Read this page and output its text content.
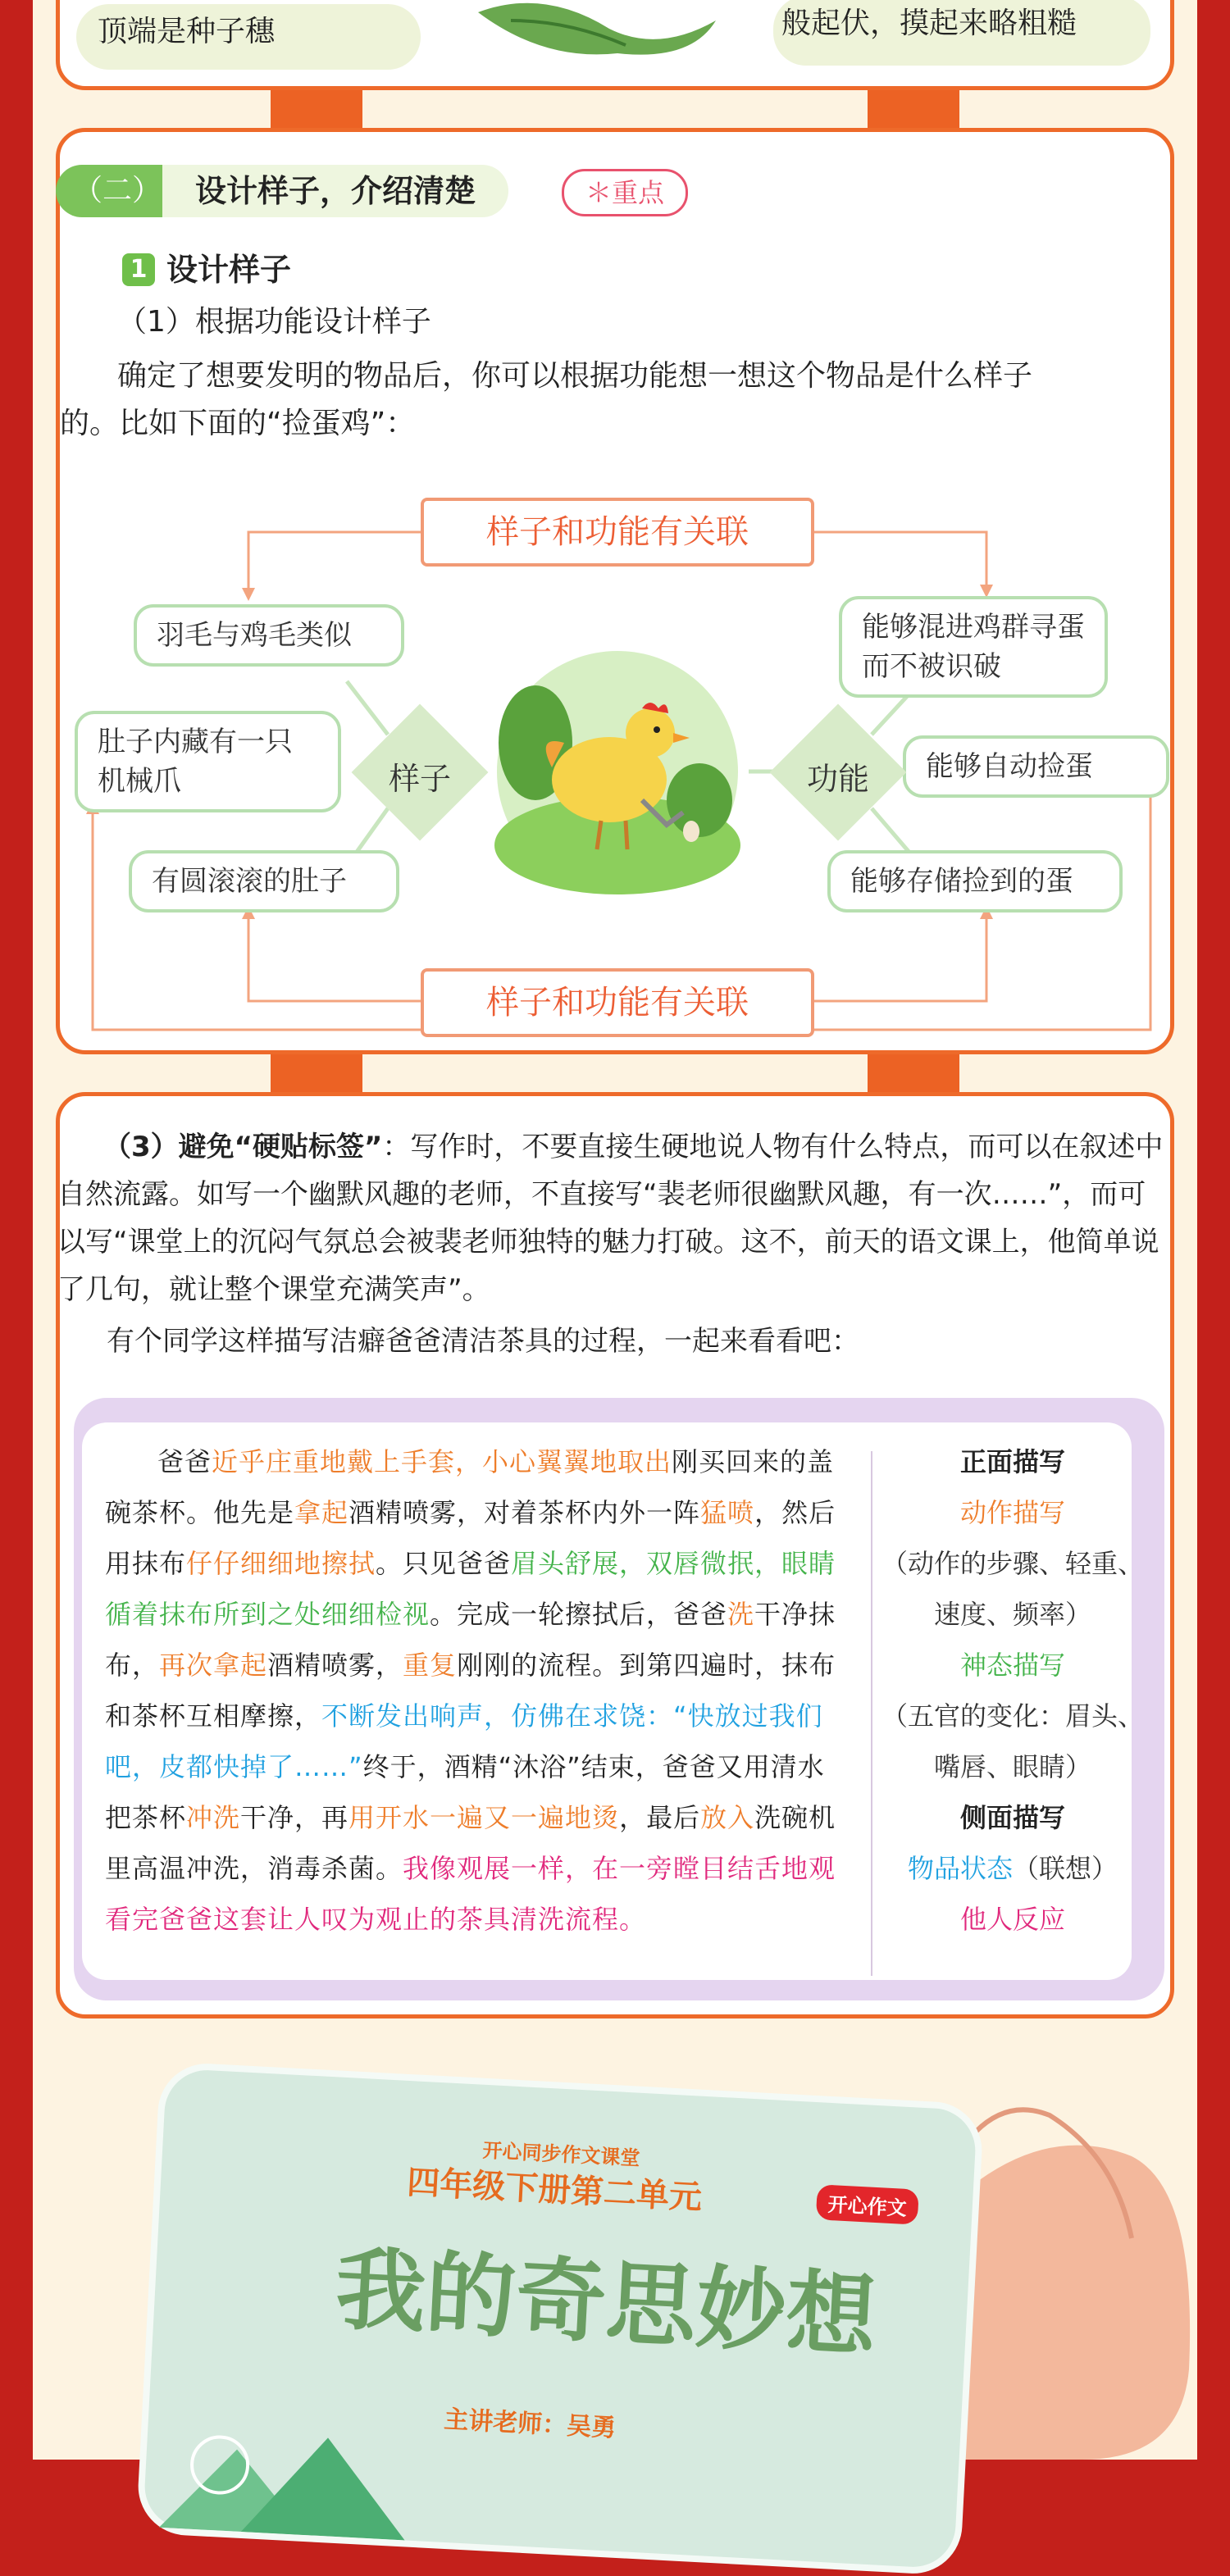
顶端是种子穗	般起伏，摸起来略粗糙
（二）	设计样子，介绍清楚	＊重点
1 设计样子
（1）根据功能设计样子
确定了想要发明的物品后，你可以根据功能想一想这个物品是什么样子
的。比如下面的“捡蛋鸡”：
样子和功能有关联
样子和功能有关联
羽毛与鸡毛类似
肚子内藏有一只机械爪
有圆滚滚的肚子
能够混进鸡群寻蛋而不被识破
能够自动捡蛋
能够存储捡到的蛋
样子	功能
（3）避免“硬贴标签”：写作时，不要直接生硬地说人物有什么特点，而可以在叙述中自然流露。如写一个幽默风趣的老师，不直接写“裴老师很幽默风趣，有一次……”，而可以写“课堂上的沉闷气氛总会被裴老师独特的魅力打破。这不，前天的语文课上，他简单说了几句，就让整个课堂充满笑声”。
有个同学这样描写洁癖爸爸清洁茶具的过程，一起来看看吧：
爸爸近乎庄重地戴上手套，小心翼翼地取出刚买回来的盖碗茶杯。他先是拿起酒精喷雾，对着茶杯内外一阵猛喷，然后用抹布仔仔细细地擦拭。只见爸爸眉头舒展，双唇微抿，眼睛循着抹布所到之处细细检视。完成一轮擦拭后，爸爸洗干净抹布，再次拿起酒精喷雾，重复刚刚的流程。到第四遍时，抹布和茶杯互相摩擦，不断发出响声，仿佛在求饶：“快放过我们吧，皮都快掉了……”终于，酒精“沐浴”结束，爸爸又用清水把茶杯冲洗干净，再用开水一遍又一遍地烫，最后放入洗碗机里高温冲洗，消毒杀菌。我像观展一样，在一旁瞠目结舌地观看完爸爸这套让人叹为观止的茶具清洗流程。
正面描写
动作描写
（动作的步骤、轻重、速度、频率）
神态描写
（五官的变化：眉头、嘴唇、眼睛）
侧面描写
物品状态（联想）
他人反应
开心同步作文课堂
四年级下册第二单元	开心作文
我的奇思妙想
主讲老师：吴勇
